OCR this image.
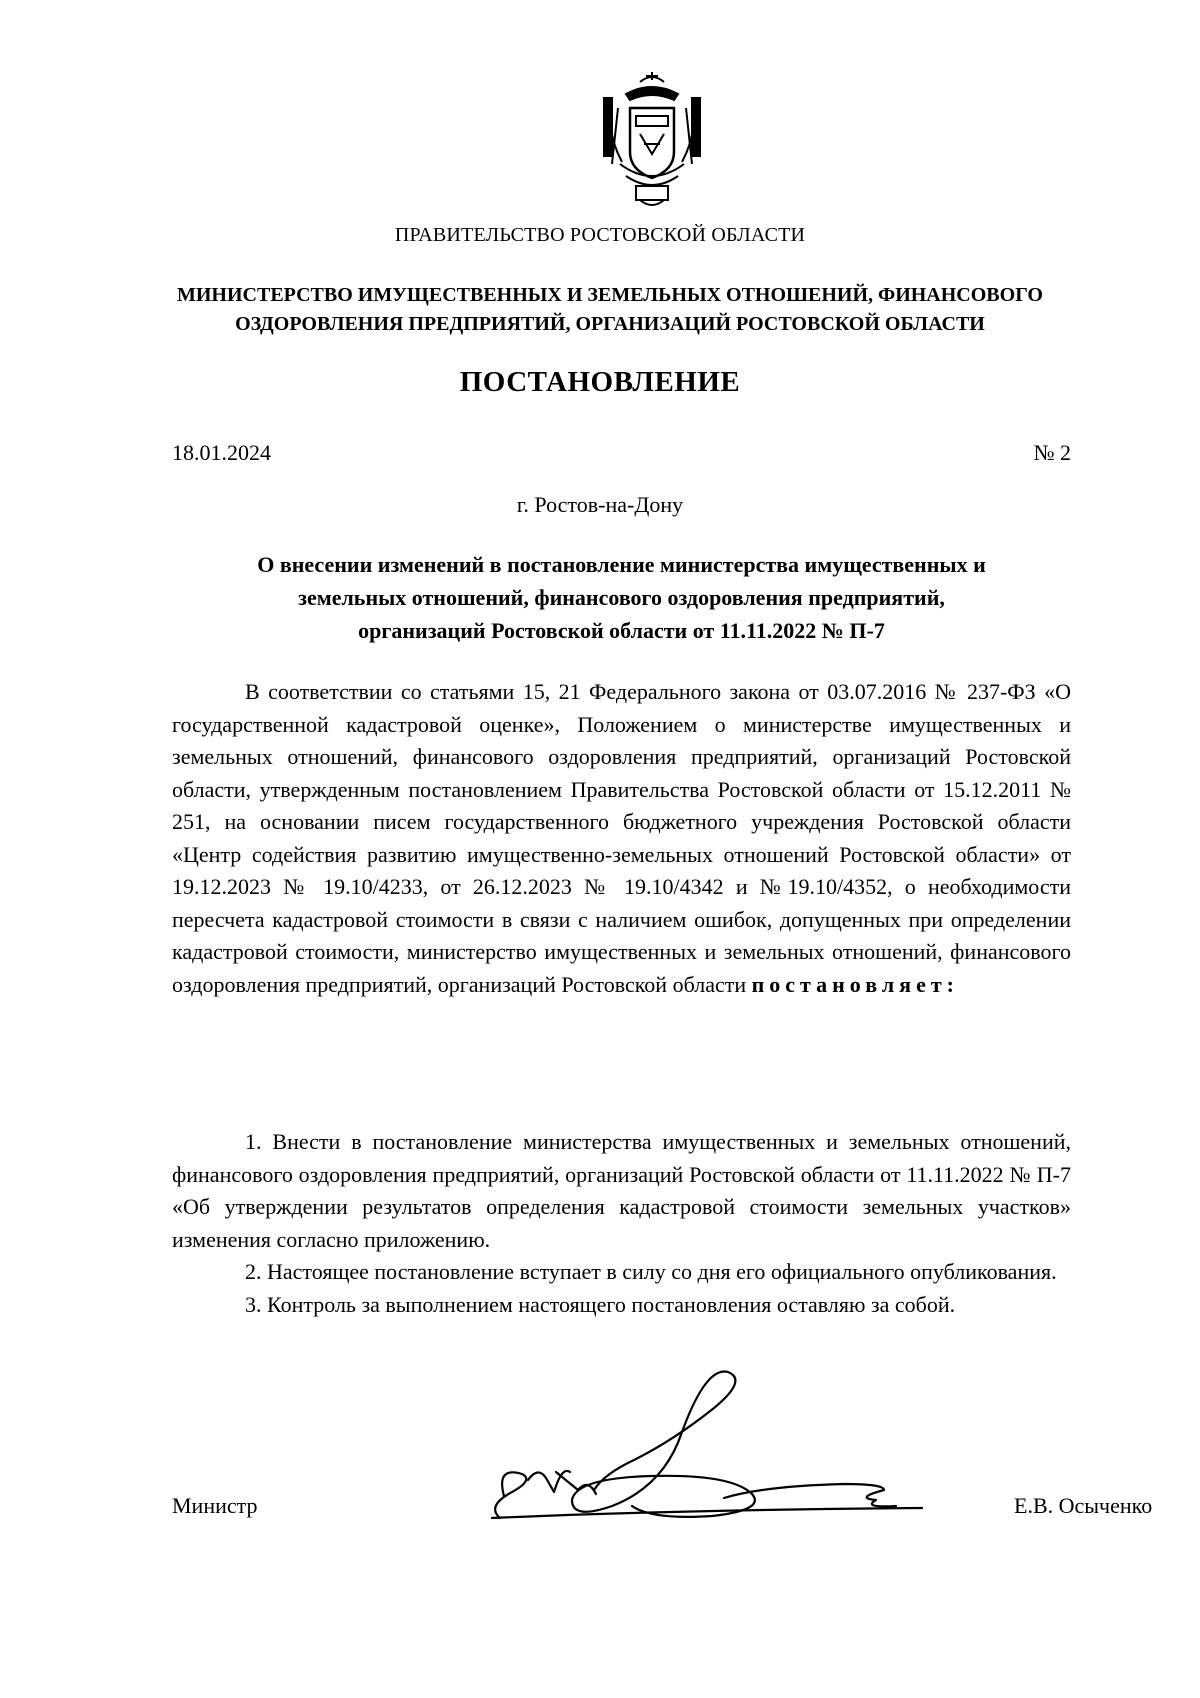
ПРАВИТЕЛЬСТВО РОСТОВСКОЙ ОБЛАСТИ
МИНИСТЕРСТВО ИМУЩЕСТВЕННЫХ И ЗЕМЕЛЬНЫХ ОТНОШЕНИЙ, ФИНАНСОВОГО
ОЗДОРОВЛЕНИЯ ПРЕДПРИЯТИЙ, ОРГАНИЗАЦИЙ РОСТОВСКОЙ ОБЛАСТИ
ПОСТАНОВЛЕНИЕ
18.01.2024	№ 2
г. Ростов-на-Дону
О внесении изменений в постановление министерства имущественных и
земельных отношений, финансового оздоровления предприятий,
организаций Ростовской области от 11.11.2022 № П-7
В соответствии со статьями 15, 21 Федерального закона от 03.07.2016 № 237-ФЗ «О государственной кадастровой оценке», Положением о министерстве имущественных и земельных отношений, финансового оздоровления предприятий, организаций Ростовской области, утвержденным постановлением Правительства Ростовской области от 15.12.2011 № 251, на основании писем государственного бюджетного учреждения Ростовской области «Центр содействия развитию имущественно-земельных отношений Ростовской области» от 19.12.2023 № 19.10/4233, от 26.12.2023 № 19.10/4342 и №19.10/4352, о необходимости пересчета кадастровой стоимости в связи с наличием ошибок, допущенных при определении кадастровой стоимости, министерство имущественных и земельных отношений, финансового оздоровления предприятий, организаций Ростовской области постановляет:

1. Внести в постановление министерства имущественных и земельных отношений, финансового оздоровления предприятий, организаций Ростовской области от 11.11.2022 № П-7 «Об утверждении результатов определения кадастровой стоимости земельных участков» изменения согласно приложению.

2. Настоящее постановление вступает в силу со дня его официального опубликования.

3. Контроль за выполнением настоящего постановления оставляю за собой.

Министр	Е.В. Осыченко
